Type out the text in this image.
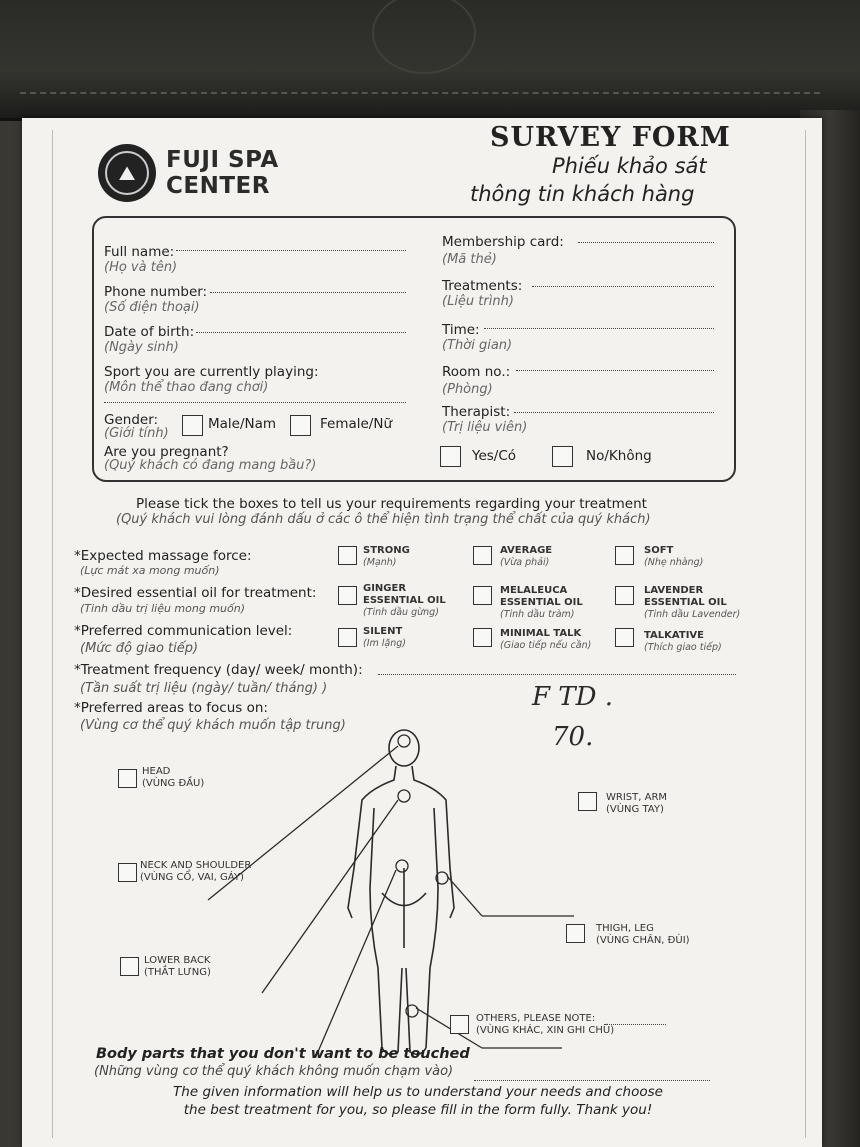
⛰	FUJI SPA
CENTER
SURVEY FORM
Phiếu khảo sát
thông tin khách hàng
Full name:
(Họ và tên)
Phone number:
(Số điện thoại)
Date of birth:
(Ngày sinh)
Sport you are currently playing:
(Môn thể thao đang chơi)
Gender:
(Giới tính)
Male/Nam	Female/Nữ
Are you pregnant?
(Quý khách có đang mang bầu?)
Membership card:
(Mã thẻ)
Treatments:
(Liệu trình)
Time:
(Thời gian)
Room no.:
(Phòng)
Therapist:
(Trị liệu viên)
Yes/Có	No/Không
Please tick the boxes to tell us your requirements regarding your treatment
(Quý khách vui lòng đánh dấu ở các ô thể hiện tình trạng thể chất của quý khách)
*Expected massage force:
(Lực mát xa mong muốn)
STRONG
(Mạnh)
AVERAGE
(Vừa phải)
SOFT
(Nhẹ nhàng)
*Desired essential oil for treatment:
(Tinh dầu trị liệu mong muốn)
GINGER
ESSENTIAL OIL
(Tinh dầu gừng)
MELALEUCA
ESSENTIAL OIL
(Tinh dầu tràm)
LAVENDER
ESSENTIAL OIL
(Tinh dầu Lavender)
*Preferred communication level:
(Mức độ giao tiếp)
SILENT
(Im lặng)
MINIMAL TALK
(Giao tiếp nếu cần)
TALKATIVE
(Thích giao tiếp)
*Treatment frequency (day/ week/ month):
(Tần suất trị liệu (ngày/ tuần/ tháng) )
*Preferred areas to focus on:
(Vùng cơ thể quý khách muốn tập trung)
F TD .
70.
HEAD
(VÙNG ĐẦU)
NECK AND SHOULDER
(VÙNG CỔ, VAI, GÁY)
LOWER BACK
(THẮT LƯNG)
WRIST, ARM
(VÙNG TAY)
THIGH, LEG
(VÙNG CHÂN, ĐÙI)
OTHERS, PLEASE NOTE:
(VÙNG KHÁC, XIN GHI CHÚ)
Body parts that you don't want to be touched
(Những vùng cơ thể quý khách không muốn chạm vào)
The given information will help us to understand your needs and choose
the best treatment for you, so please fill in the form fully. Thank you!
